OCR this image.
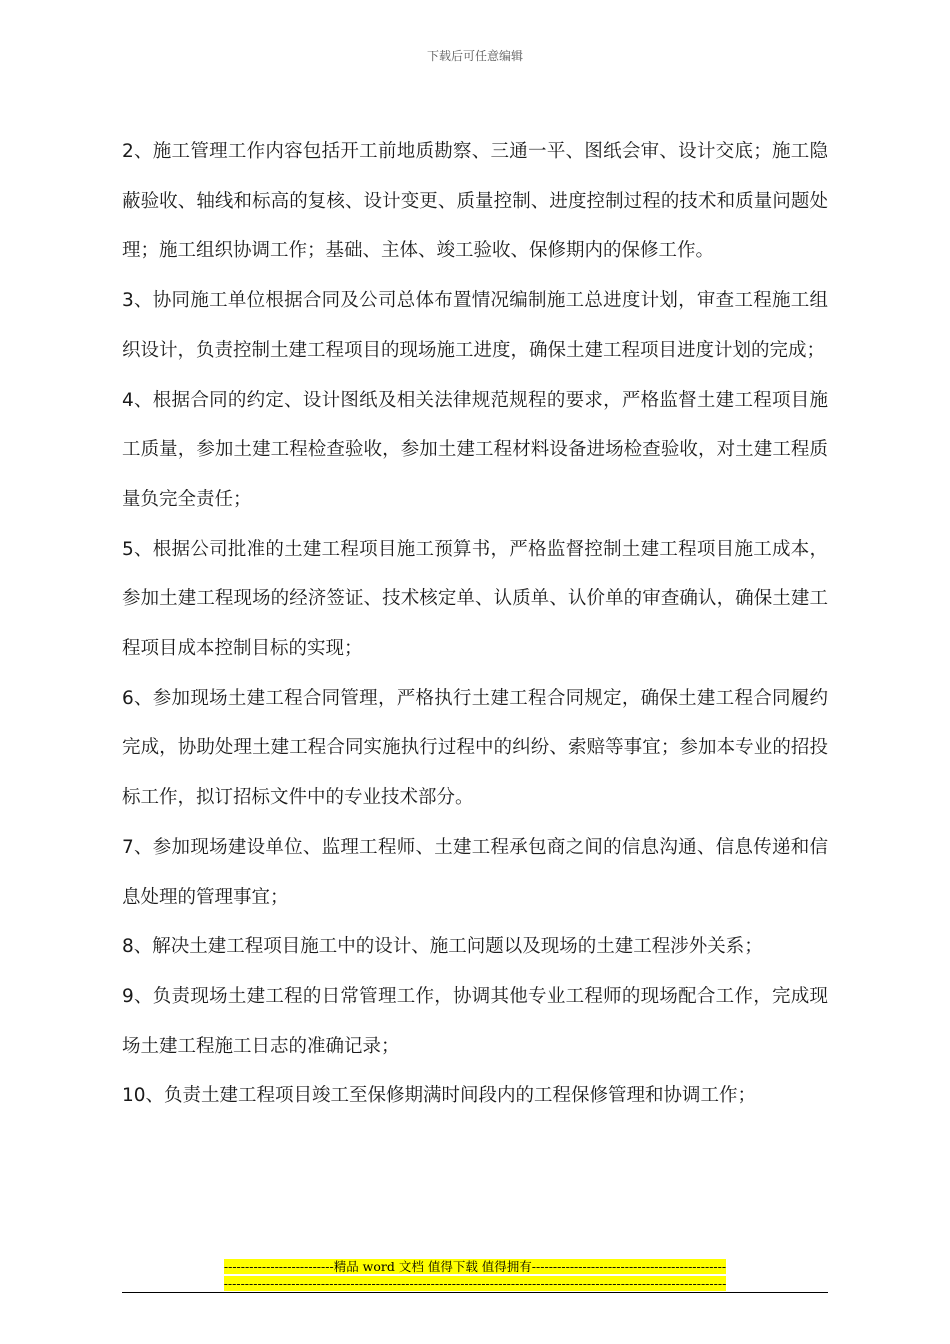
下载后可任意编辑

2、施工管理工作内容包括开工前地质勘察、三通一平、图纸会审、设计交底；施工隐蔽验收、轴线和标高的复核、设计变更、质量控制、进度控制过程的技术和质量问题处理；施工组织协调工作；基础、主体、竣工验收、保修期内的保修工作。

3、协同施工单位根据合同及公司总体布置情况编制施工总进度计划，审查工程施工组织设计，负责控制土建工程项目的现场施工进度，确保土建工程项目进度计划的完成；

4、根据合同的约定、设计图纸及相关法律规范规程的要求，严格监督土建工程项目施工质量，参加土建工程检查验收，参加土建工程材料设备进场检查验收，对土建工程质量负完全责任；

5、根据公司批准的土建工程项目施工预算书，严格监督控制土建工程项目施工成本，参加土建工程现场的经济签证、技术核定单、认质单、认价单的审查确认，确保土建工程项目成本控制目标的实现；

6、参加现场土建工程合同管理，严格执行土建工程合同规定，确保土建工程合同履约完成，协助处理土建工程合同实施执行过程中的纠纷、索赔等事宜；参加本专业的招投标工作，拟订招标文件中的专业技术部分。

7、参加现场建设单位、监理工程师、土建工程承包商之间的信息沟通、信息传递和信息处理的管理事宜；

8、解决土建工程项目施工中的设计、施工问题以及现场的土建工程涉外关系；

9、负责现场土建工程的日常管理工作，协调其他专业工程师的现场配合工作，完成现场土建工程施工日志的准确记录；

10、负责土建工程项目竣工至保修期满时间段内的工程保修管理和协调工作；

--------------------------精品 word 文档 值得下载 值得拥有----------------------------------------------
-----------------------------------------------------------------------------------------------------------------------
